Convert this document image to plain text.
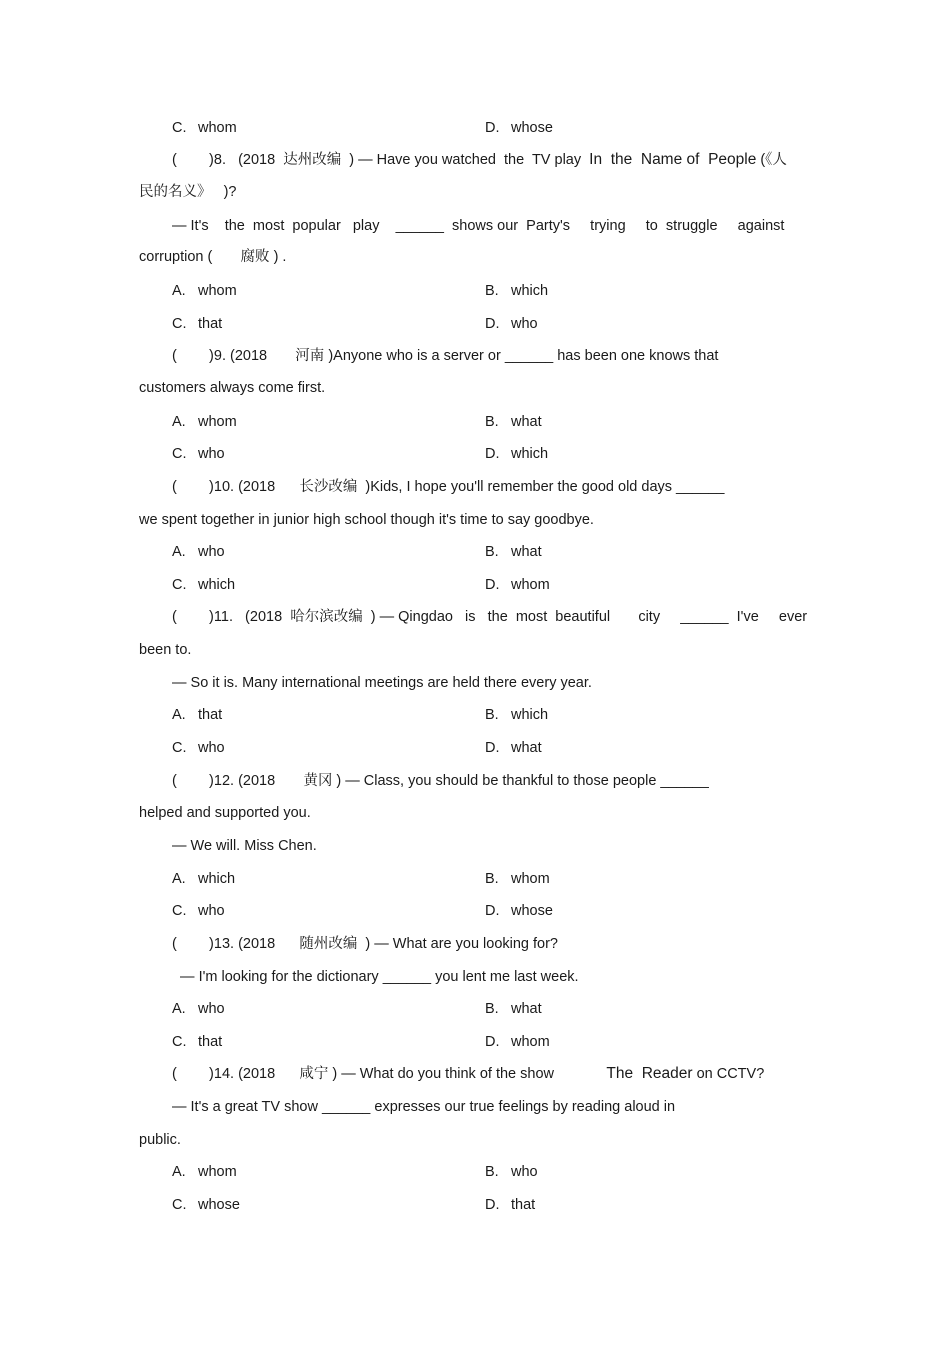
C. whom	D. whose
(        )8.   (2018  达州改编  ) — Have you watched  the  TV play  In  the  Name of  People (《人
民的名义》   )?
— It's    the  most  popular   play    ______  shows our  Party's     trying     to  struggle     against
corruption (       腐败 ) .
A. whom	B. which
C. that	D. who
(        )9. (2018       河南 )Anyone who is a server or ______ has been one knows that
customers always come first.
A. whom	B. what
C. who	D. which
(        )10. (2018      长沙改编  )Kids, I hope you'll remember the good old days ______
we spent together in junior high school though it's time to say goodbye.
A. who	B. what
C. which	D. whom
(        )11.   (2018  哈尔滨改编  ) — Qingdao   is   the  most  beautiful       city     ______  I've     ever
been to.
— So it is. Many international meetings are held there every year.
A. that	B. which
C. who	D. what
(        )12. (2018       黄冈 ) — Class, you should be thankful to those people ______
helped and supported you.
— We will. Miss Chen.
A. which	B. whom
C. who	D. whose
(        )13. (2018      随州改编  ) — What are you looking for?
— I'm looking for the dictionary ______ you lent me last week.
A. who	B. what
C. that	D. whom
(        )14. (2018      咸宁 ) — What do you think of the show             The  Reader on CCTV?
— It's a great TV show ______ expresses our true feelings by reading aloud in
public.
A. whom	B. who
C. whose	D. that
